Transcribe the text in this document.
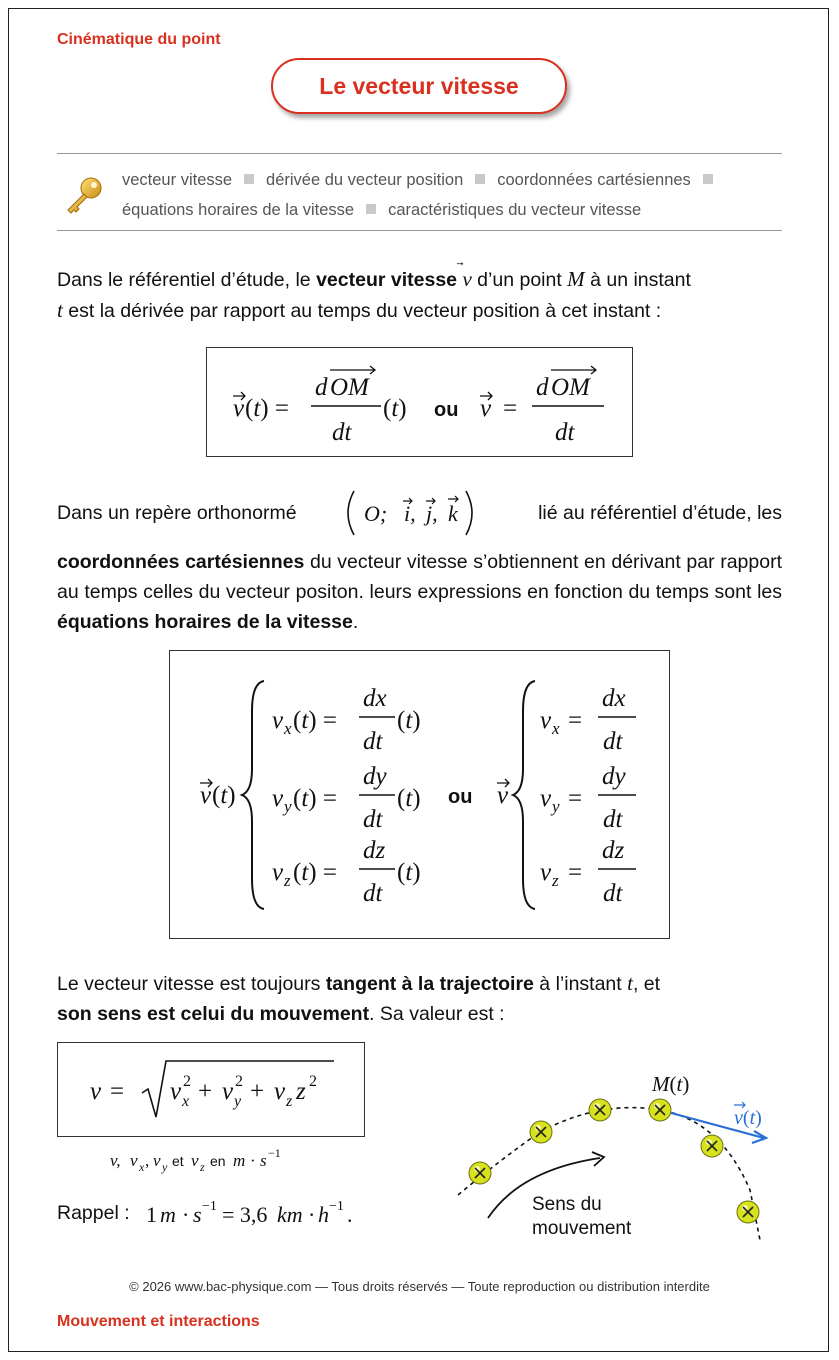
Cinématique du point
Le vecteur vitesse
vecteur vitesse dérivée du vecteur position coordonnées cartésiennes
équations horaires de la vitesse caractéristiques du vecteur vitesse
Dans le référentiel d’étude, le vecteur vitesse v
d’un point M à un instant
t est la dérivée par rapport au temps du vecteur position à cet instant :
v (t) =
d OM
dt
(t)	v =
d OM
dt
ou
Dans un repère orthonormé	O; i, j, k	lié au référentiel d’étude, les
coordonnées cartésiennes du vecteur vitesse s’obtiennent en dérivant par rapport au temps celles du vecteur positon. leurs expressions en fonction du temps sont les équations horaires de la vitesse.
v (t)
v x (t) =
dx
dt
(t)
v y (t) =
dy
dt
(t)
v z (t) =
dz
dt
(t)
v
v x =
dx
dt
v y =
dy
dt
v z =
dz
dt
ou
Le vecteur vitesse est toujours tangent à la trajectoire à l’instant t, et
son sens est celui du mouvement. Sa valeur est :
v = v x
2 + v y
2 + v z z 2
v, v x , v y et v z en m · s −1
Rappel : 1 m · s −1 = 3,6 km · h −1 .
M(t)
v(t)
Sens du
mouvement
© 2026 www.bac-physique.com — Tous droits réservés — Toute reproduction ou distribution interdite
Mouvement et interactions
